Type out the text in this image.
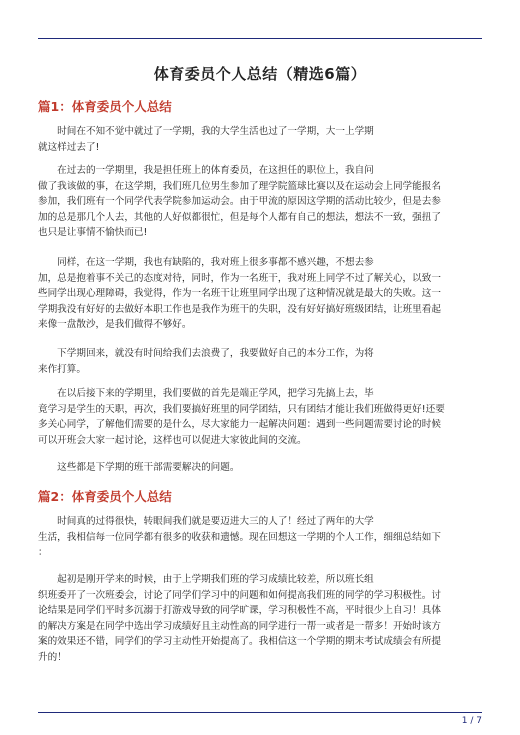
体育委员个人总结（精选6篇）
篇1：体育委员个人总结
　　时间在不知不觉中就过了一学期，我的大学生活也过了一学期，大一上学期
就这样过去了!
　　在过去的一学期里，我是担任班上的体育委员，在这担任的职位上，我自问
做了我该做的事，在这学期，我们班几位男生参加了理学院篮球比赛以及在运动会上同学能报名
参加，我们班有一个同学代表学院参加运动会。由于甲流的原因这学期的活动比较少，但是去参
加的总是那几个人去，其他的人好似都很忙，但是每个人都有自己的想法，想法不一致，强扭了
也只是让事情不愉快而已!
　　同样，在这一学期，我也有缺陷的，我对班上很多事都不感兴趣，不想去参
加，总是抱着事不关己的态度对待，同时，作为一名班干，我对班上同学不过了解关心，以致一
些同学出现心理障碍，我觉得，作为一名班干让班里同学出现了这种情况就是最大的失败。这一
学期我没有好好的去做好本职工作也是我作为班干的失职，没有好好搞好班级团结，让班里看起
来像一盘散沙，是我们做得不够好。
　　下学期回来，就没有时间给我们去浪费了，我要做好自己的本分工作，为将
来作打算。
　　在以后接下来的学期里，我们要做的首先是端正学风，把学习先搞上去，毕
竟学习是学生的天职，再次，我们要搞好班里的同学团结，只有团结才能让我们班做得更好!还要
多关心同学，了解他们需要的是什么，尽大家能力一起解决问题：遇到一些问题需要讨论的时候
可以开班会大家一起讨论，这样也可以促进大家彼此间的交流。
　　这些都是下学期的班干部需要解决的问题。
篇2：体育委员个人总结
　　时间真的过得很快，转眼间我们就是要迈进大三的人了！经过了两年的大学
生活，我相信每一位同学都有很多的收获和遗憾。现在回想这一学期的个人工作，细细总结如下
：
　　起初是刚开学来的时候，由于上学期我们班的学习成绩比较差，所以班长组
织班委开了一次班委会，讨论了同学们学习中的问题和如何提高我们班的同学的学习积极性。讨
论结果是同学们平时多沉溺于打游戏导致的同学旷课，学习积极性不高，平时很少上自习！具体
的解决方案是在同学中选出学习成绩好且主动性高的同学进行一帮一或者是一帮多！开始时该方
案的效果还不错，同学们的学习主动性开始提高了。我相信这一个学期的期末考试成绩会有所提
升的！
1 / 7
